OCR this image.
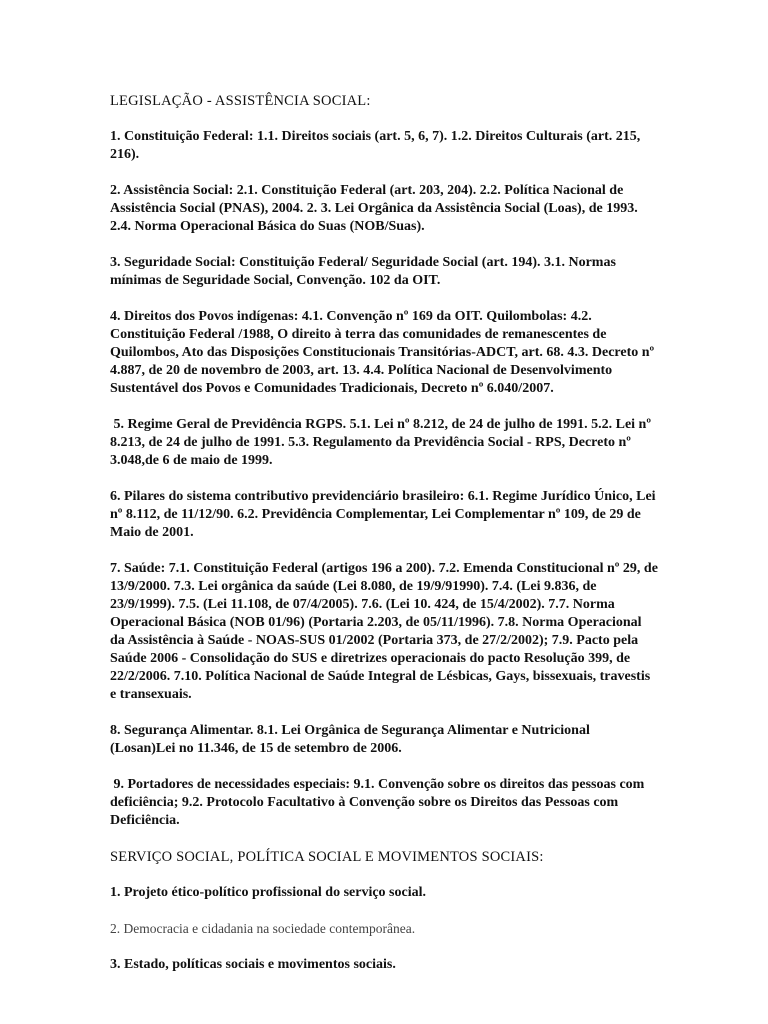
LEGISLAÇÃO - ASSISTÊNCIA SOCIAL:

1. Constituição Federal: 1.1. Direitos sociais (art. 5, 6, 7). 1.2. Direitos Culturais (art. 215, 216).

2. Assistência Social: 2.1. Constituição Federal (art. 203, 204). 2.2. Política Nacional de Assistência Social (PNAS), 2004. 2. 3. Lei Orgânica da Assistência Social (Loas), de 1993. 2.4. Norma Operacional Básica do Suas (NOB/Suas).

3. Seguridade Social: Constituição Federal/ Seguridade Social (art. 194). 3.1. Normas mínimas de Seguridade Social, Convenção. 102 da OIT.

4. Direitos dos Povos indígenas: 4.1. Convenção nº 169 da OIT. Quilombolas: 4.2. Constituição Federal /1988, O direito à terra das comunidades de remanescentes de Quilombos, Ato das Disposições Constitucionais Transitórias-ADCT, art. 68. 4.3. Decreto nº 4.887, de 20 de novembro de 2003, art. 13. 4.4. Política Nacional de Desenvolvimento Sustentável dos Povos e Comunidades Tradicionais, Decreto nº 6.040/2007.

5. Regime Geral de Previdência RGPS. 5.1. Lei nº 8.212, de 24 de julho de 1991. 5.2. Lei nº 8.213, de 24 de julho de 1991. 5.3. Regulamento da Previdência Social - RPS, Decreto nº 3.048,de 6 de maio de 1999.

6. Pilares do sistema contributivo previdenciário brasileiro: 6.1. Regime Jurídico Único, Lei nº 8.112, de 11/12/90. 6.2. Previdência Complementar, Lei Complementar nº 109, de 29 de Maio de 2001.

7. Saúde: 7.1. Constituição Federal (artigos 196 a 200). 7.2. Emenda Constitucional nº 29, de 13/9/2000. 7.3. Lei orgânica da saúde (Lei 8.080, de 19/9/91990). 7.4. (Lei 9.836, de 23/9/1999). 7.5. (Lei 11.108, de 07/4/2005). 7.6. (Lei 10. 424, de 15/4/2002). 7.7. Norma Operacional Básica (NOB 01/96) (Portaria 2.203, de 05/11/1996). 7.8. Norma Operacional da Assistência à Saúde - NOAS-SUS 01/2002 (Portaria 373, de 27/2/2002); 7.9. Pacto pela Saúde 2006 - Consolidação do SUS e diretrizes operacionais do pacto Resolução 399, de 22/2/2006. 7.10. Política Nacional de Saúde Integral de Lésbicas, Gays, bissexuais, travestis e transexuais.

8. Segurança Alimentar. 8.1. Lei Orgânica de Segurança Alimentar e Nutricional (Losan)Lei no 11.346, de 15 de setembro de 2006.

9. Portadores de necessidades especiais: 9.1. Convenção sobre os direitos das pessoas com deficiência; 9.2. Protocolo Facultativo à Convenção sobre os Direitos das Pessoas com Deficiência.

SERVIÇO SOCIAL, POLÍTICA SOCIAL E MOVIMENTOS SOCIAIS:

1. Projeto ético-político profissional do serviço social.

2. Democracia e cidadania na sociedade contemporânea.

3. Estado, políticas sociais e movimentos sociais.
